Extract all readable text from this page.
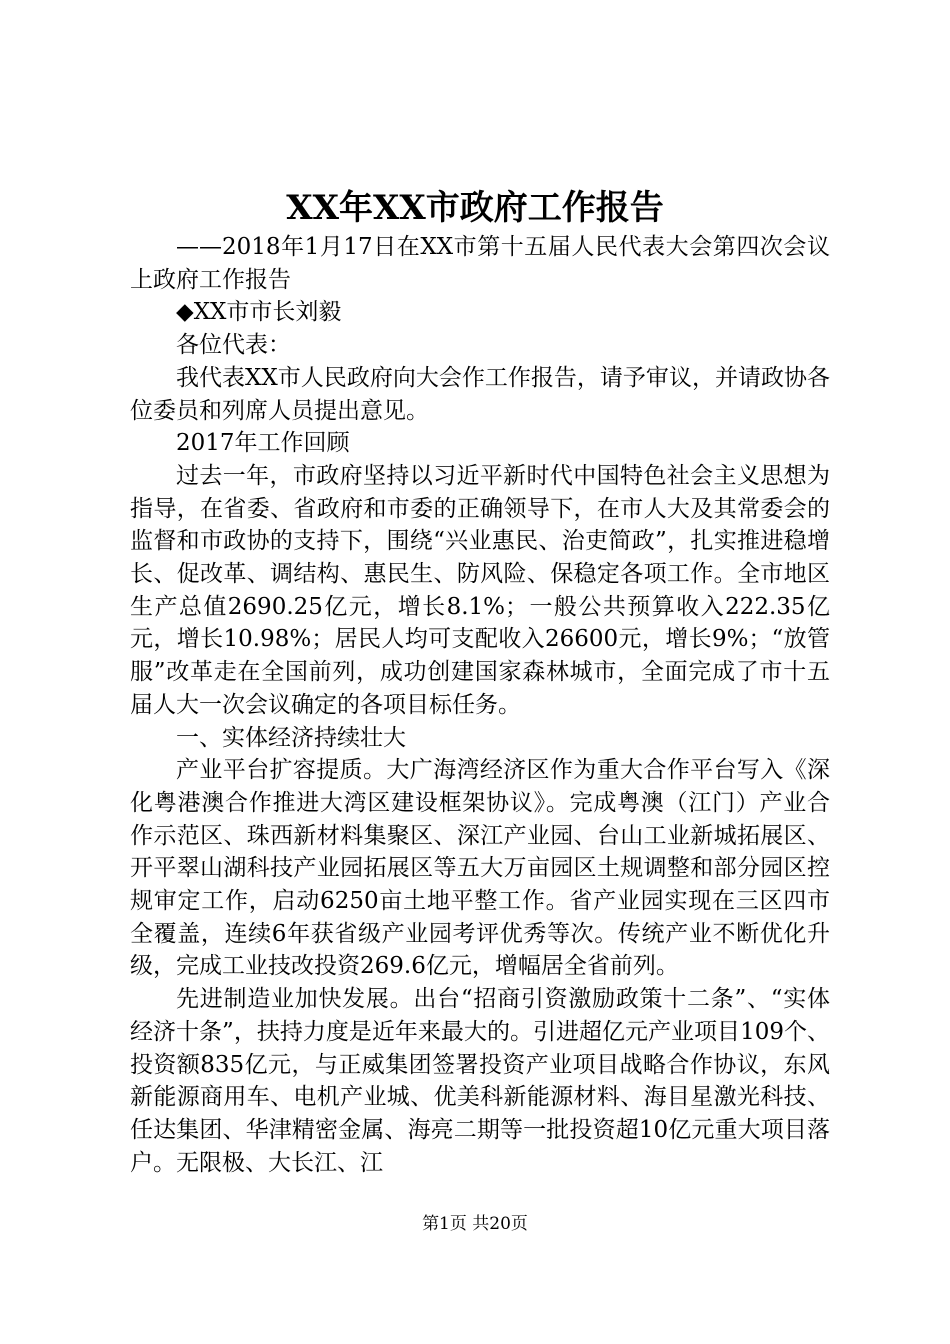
XX年XX市政府工作报告

——2018年1月17日在XX市第十五届人民代表大会第四次会议上政府工作报告

◆XX市市长刘毅

各位代表：

我代表XX市人民政府向大会作工作报告，请予审议，并请政协各位委员和列席人员提出意见。

2017年工作回顾

过去一年，市政府坚持以习近平新时代中国特色社会主义思想为指导，在省委、省政府和市委的正确领导下，在市人大及其常委会的监督和市政协的支持下，围绕“兴业惠民、治吏简政”，扎实推进稳增长、促改革、调结构、惠民生、防风险、保稳定各项工作。全市地区生产总值2690.25亿元，增长8.1%；一般公共预算收入222.35亿元，增长10.98%；居民人均可支配收入26600元，增长9%；“放管服”改革走在全国前列，成功创建国家森林城市，全面完成了市十五届人大一次会议确定的各项目标任务。

一、实体经济持续壮大

产业平台扩容提质。大广海湾经济区作为重大合作平台写入《深化粤港澳合作推进大湾区建设框架协议》。完成粤澳（江门）产业合作示范区、珠西新材料集聚区、深江产业园、台山工业新城拓展区、开平翠山湖科技产业园拓展区等五大万亩园区土规调整和部分园区控规审定工作，启动6250亩土地平整工作。省产业园实现在三区四市全覆盖，连续6年获省级产业园考评优秀等次。传统产业不断优化升级，完成工业技改投资269.6亿元，增幅居全省前列。

先进制造业加快发展。出台“招商引资激励政策十二条”、“实体经济十条”，扶持力度是近年来最大的。引进超亿元产业项目109个、投资额835亿元，与正威集团签署投资产业项目战略合作协议，东风新能源商用车、电机产业城、优美科新能源材料、海目星激光科技、任达集团、华津精密金属、海亮二期等一批投资超10亿元重大项目落户。无限极、大长江、江

第1页 共20页
